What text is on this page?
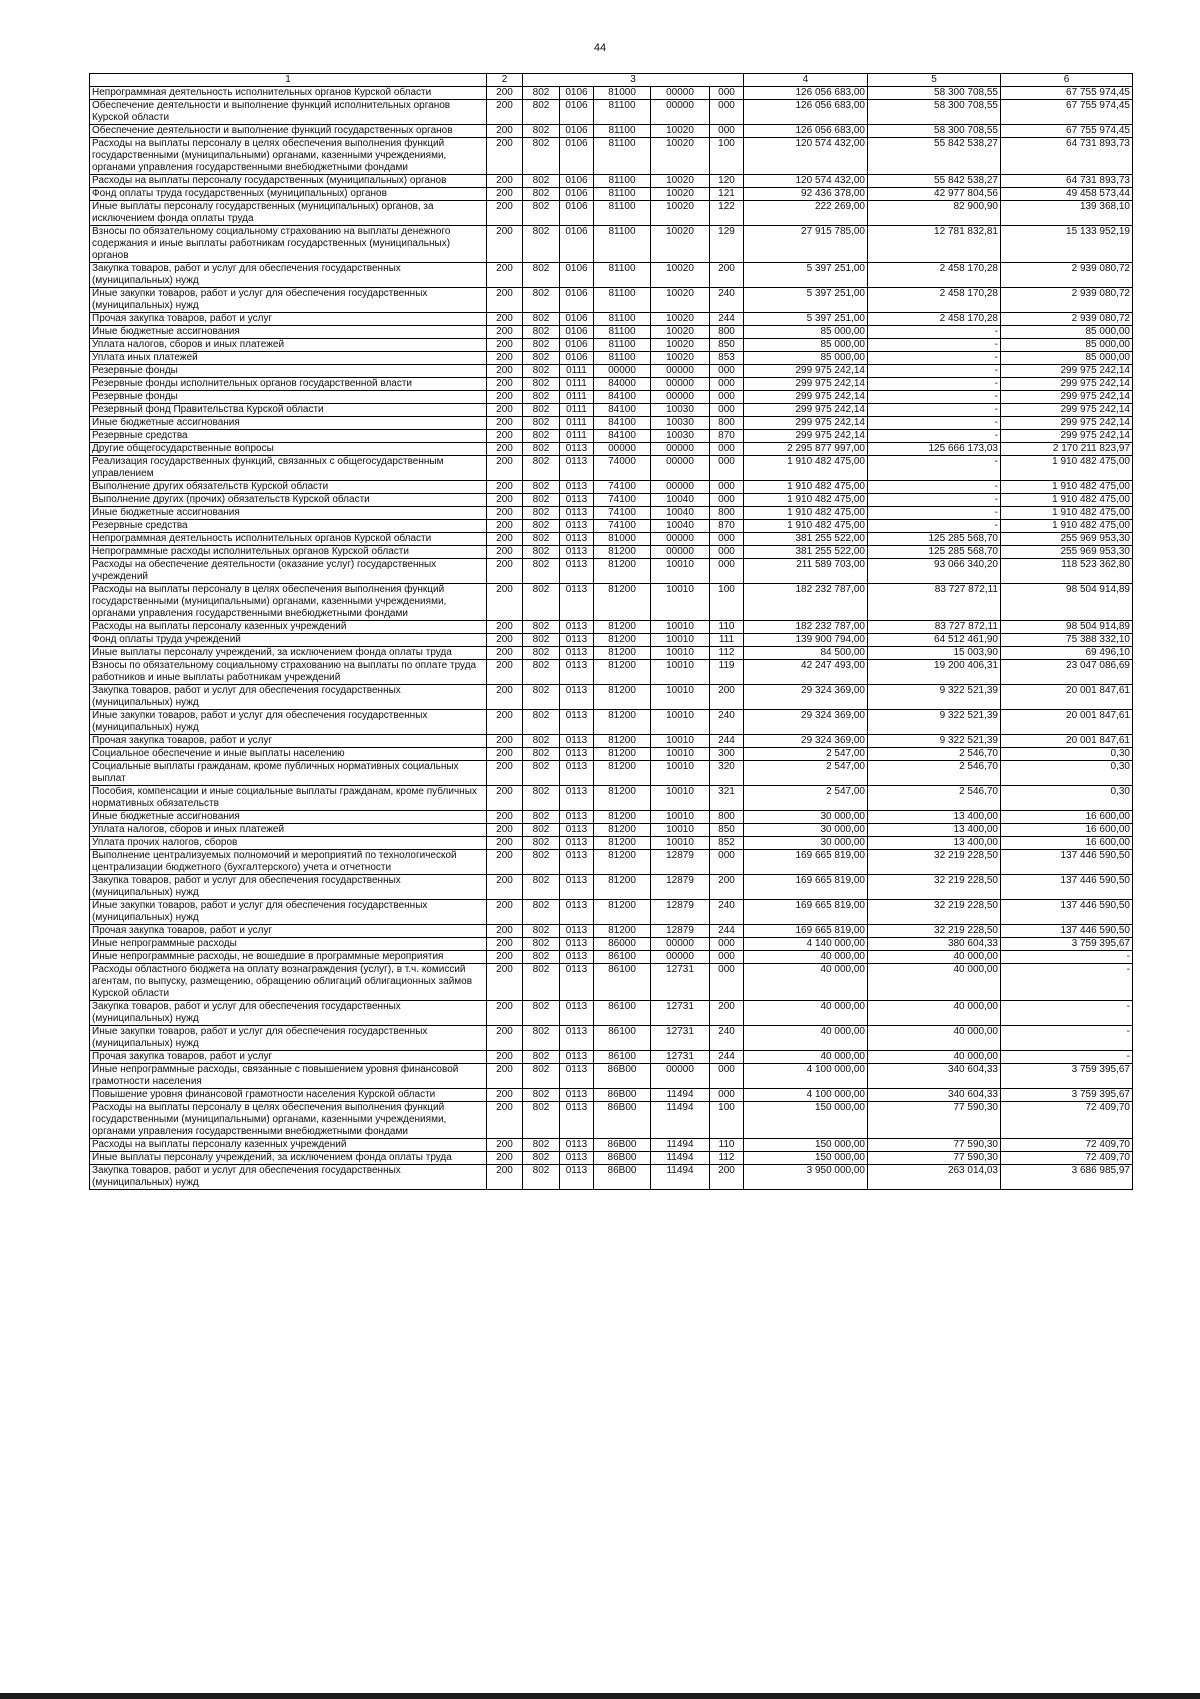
44
1	2	3					4	5	6
Непрограммная деятельность исполнительных органов Курской области	200	802	0106	81000	00000	000	126 056 683,00	58 300 708,55	67 755 974,45
Обеспечение деятельности и выполнение функций исполнительных органов Курской области	200	802	0106	81100	00000	000	126 056 683,00	58 300 708,55	67 755 974,45
Обеспечение деятельности и выполнение функций государственных органов	200	802	0106	81100	10020	000	126 056 683,00	58 300 708,55	67 755 974,45
Расходы на выплаты персоналу в целях обеспечения выполнения функций государственными (муниципальными) органами, казенными учреждениями, органами управления государственными внебюджетными фондами	200	802	0106	81100	10020	100	120 574 432,00	55 842 538,27	64 731 893,73
Расходы на выплаты персоналу государственных (муниципальных) органов	200	802	0106	81100	10020	120	120 574 432,00	55 842 538,27	64 731 893,73
Фонд оплаты труда государственных (муниципальных) органов	200	802	0106	81100	10020	121	92 436 378,00	42 977 804,56	49 458 573,44
Иные выплаты персоналу государственных (муниципальных) органов, за исключением фонда оплаты труда	200	802	0106	81100	10020	122	222 269,00	82 900,90	139 368,10
Взносы по обязательному социальному страхованию на выплаты денежного содержания и иные выплаты работникам государственных (муниципальных) органов	200	802	0106	81100	10020	129	27 915 785,00	12 781 832,81	15 133 952,19
Закупка товаров, работ и услуг для обеспечения государственных (муниципальных) нужд	200	802	0106	81100	10020	200	5 397 251,00	2 458 170,28	2 939 080,72
Иные закупки товаров, работ и услуг для обеспечения государственных (муниципальных) нужд	200	802	0106	81100	10020	240	5 397 251,00	2 458 170,28	2 939 080,72
Прочая закупка товаров, работ и услуг	200	802	0106	81100	10020	244	5 397 251,00	2 458 170,28	2 939 080,72
Иные бюджетные ассигнования	200	802	0106	81100	10020	800	85 000,00	-	85 000,00
Уплата налогов, сборов и иных платежей	200	802	0106	81100	10020	850	85 000,00	-	85 000,00
Уплата иных платежей	200	802	0106	81100	10020	853	85 000,00	-	85 000,00
Резервные фонды	200	802	0111	00000	00000	000	299 975 242,14	-	299 975 242,14
Резервные фонды исполнительных органов государственной власти	200	802	0111	84000	00000	000	299 975 242,14	-	299 975 242,14
Резервные фонды	200	802	0111	84100	00000	000	299 975 242,14	-	299 975 242,14
Резервный фонд Правительства Курской области	200	802	0111	84100	10030	000	299 975 242,14	-	299 975 242,14
Иные бюджетные ассигнования	200	802	0111	84100	10030	800	299 975 242,14	-	299 975 242,14
Резервные средства	200	802	0111	84100	10030	870	299 975 242,14	-	299 975 242,14
Другие общегосударственные вопросы	200	802	0113	00000	00000	000	2 295 877 997,00	125 666 173,03	2 170 211 823,97
Реализация государственных функций, связанных с общегосударственным управлением	200	802	0113	74000	00000	000	1 910 482 475,00	-	1 910 482 475,00
Выполнение других обязательств Курской области	200	802	0113	74100	00000	000	1 910 482 475,00	-	1 910 482 475,00
Выполнение других (прочих) обязательств Курской области	200	802	0113	74100	10040	000	1 910 482 475,00	-	1 910 482 475,00
Иные бюджетные ассигнования	200	802	0113	74100	10040	800	1 910 482 475,00	-	1 910 482 475,00
Резервные средства	200	802	0113	74100	10040	870	1 910 482 475,00	-	1 910 482 475,00
Непрограммная деятельность исполнительных органов Курской области	200	802	0113	81000	00000	000	381 255 522,00	125 285 568,70	255 969 953,30
Непрограммные расходы исполнительных органов Курской области	200	802	0113	81200	00000	000	381 255 522,00	125 285 568,70	255 969 953,30
Расходы на обеспечение деятельности (оказание услуг) государственных учреждений	200	802	0113	81200	10010	000	211 589 703,00	93 066 340,20	118 523 362,80
Расходы на выплаты персоналу в целях обеспечения выполнения функций государственными (муниципальными) органами, казенными учреждениями, органами управления государственными внебюджетными фондами	200	802	0113	81200	10010	100	182 232 787,00	83 727 872,11	98 504 914,89
Расходы на выплаты персоналу казенных учреждений	200	802	0113	81200	10010	110	182 232 787,00	83 727 872,11	98 504 914,89
Фонд оплаты труда учреждений	200	802	0113	81200	10010	111	139 900 794,00	64 512 461,90	75 388 332,10
Иные выплаты персоналу учреждений, за исключением фонда оплаты труда	200	802	0113	81200	10010	112	84 500,00	15 003,90	69 496,10
Взносы по обязательному социальному страхованию на выплаты по оплате труда работников и иные выплаты работникам учреждений	200	802	0113	81200	10010	119	42 247 493,00	19 200 406,31	23 047 086,69
Закупка товаров, работ и услуг для обеспечения государственных (муниципальных) нужд	200	802	0113	81200	10010	200	29 324 369,00	9 322 521,39	20 001 847,61
Иные закупки товаров, работ и услуг для обеспечения государственных (муниципальных) нужд	200	802	0113	81200	10010	240	29 324 369,00	9 322 521,39	20 001 847,61
Прочая закупка товаров, работ и услуг	200	802	0113	81200	10010	244	29 324 369,00	9 322 521,39	20 001 847,61
Социальное обеспечение и иные выплаты населению	200	802	0113	81200	10010	300	2 547,00	2 546,70	0,30
Социальные выплаты гражданам, кроме публичных нормативных социальных выплат	200	802	0113	81200	10010	320	2 547,00	2 546,70	0,30
Пособия, компенсации и иные социальные выплаты гражданам, кроме публичных нормативных обязательств	200	802	0113	81200	10010	321	2 547,00	2 546,70	0,30
Иные бюджетные ассигнования	200	802	0113	81200	10010	800	30 000,00	13 400,00	16 600,00
Уплата налогов, сборов и иных платежей	200	802	0113	81200	10010	850	30 000,00	13 400,00	16 600,00
Уплата прочих налогов, сборов	200	802	0113	81200	10010	852	30 000,00	13 400,00	16 600,00
Выполнение централизуемых полномочий и мероприятий по технологической централизации бюджетного (бухгалтерского) учета и отчетности	200	802	0113	81200	12879	000	169 665 819,00	32 219 228,50	137 446 590,50
Закупка товаров, работ и услуг для обеспечения государственных (муниципальных) нужд	200	802	0113	81200	12879	200	169 665 819,00	32 219 228,50	137 446 590,50
Иные закупки товаров, работ и услуг для обеспечения государственных (муниципальных) нужд	200	802	0113	81200	12879	240	169 665 819,00	32 219 228,50	137 446 590,50
Прочая закупка товаров, работ и услуг	200	802	0113	81200	12879	244	169 665 819,00	32 219 228,50	137 446 590,50
Иные непрограммные расходы	200	802	0113	86000	00000	000	4 140 000,00	380 604,33	3 759 395,67
Иные непрограммные расходы, не вошедшие в программные мероприятия	200	802	0113	86100	00000	000	40 000,00	40 000,00	-
Расходы областного бюджета на оплату вознаграждения (услуг), в т.ч. комиссий агентам, по выпуску, размещению, обращению облигаций облигационных займов Курской области	200	802	0113	86100	12731	000	40 000,00	40 000,00	-
Закупка товаров, работ и услуг для обеспечения государственных (муниципальных) нужд	200	802	0113	86100	12731	200	40 000,00	40 000,00	-
Иные закупки товаров, работ и услуг для обеспечения государственных (муниципальных) нужд	200	802	0113	86100	12731	240	40 000,00	40 000,00	-
Прочая закупка товаров, работ и услуг	200	802	0113	86100	12731	244	40 000,00	40 000,00	-
Иные непрограммные расходы, связанные с повышением уровня финансовой грамотности населения	200	802	0113	86В00	00000	000	4 100 000,00	340 604,33	3 759 395,67
Повышение уровня финансовой грамотности населения Курской области	200	802	0113	86В00	11494	000	4 100 000,00	340 604,33	3 759 395,67
Расходы на выплаты персоналу в целях обеспечения выполнения функций государственными (муниципальными) органами, казенными учреждениями, органами управления государственными внебюджетными фондами	200	802	0113	86В00	11494	100	150 000,00	77 590,30	72 409,70
Расходы на выплаты персоналу казенных учреждений	200	802	0113	86В00	11494	110	150 000,00	77 590,30	72 409,70
Иные выплаты персоналу учреждений, за исключением фонда оплаты труда	200	802	0113	86В00	11494	112	150 000,00	77 590,30	72 409,70
Закупка товаров, работ и услуг для обеспечения государственных (муниципальных) нужд	200	802	0113	86В00	11494	200	3 950 000,00	263 014,03	3 686 985,97
